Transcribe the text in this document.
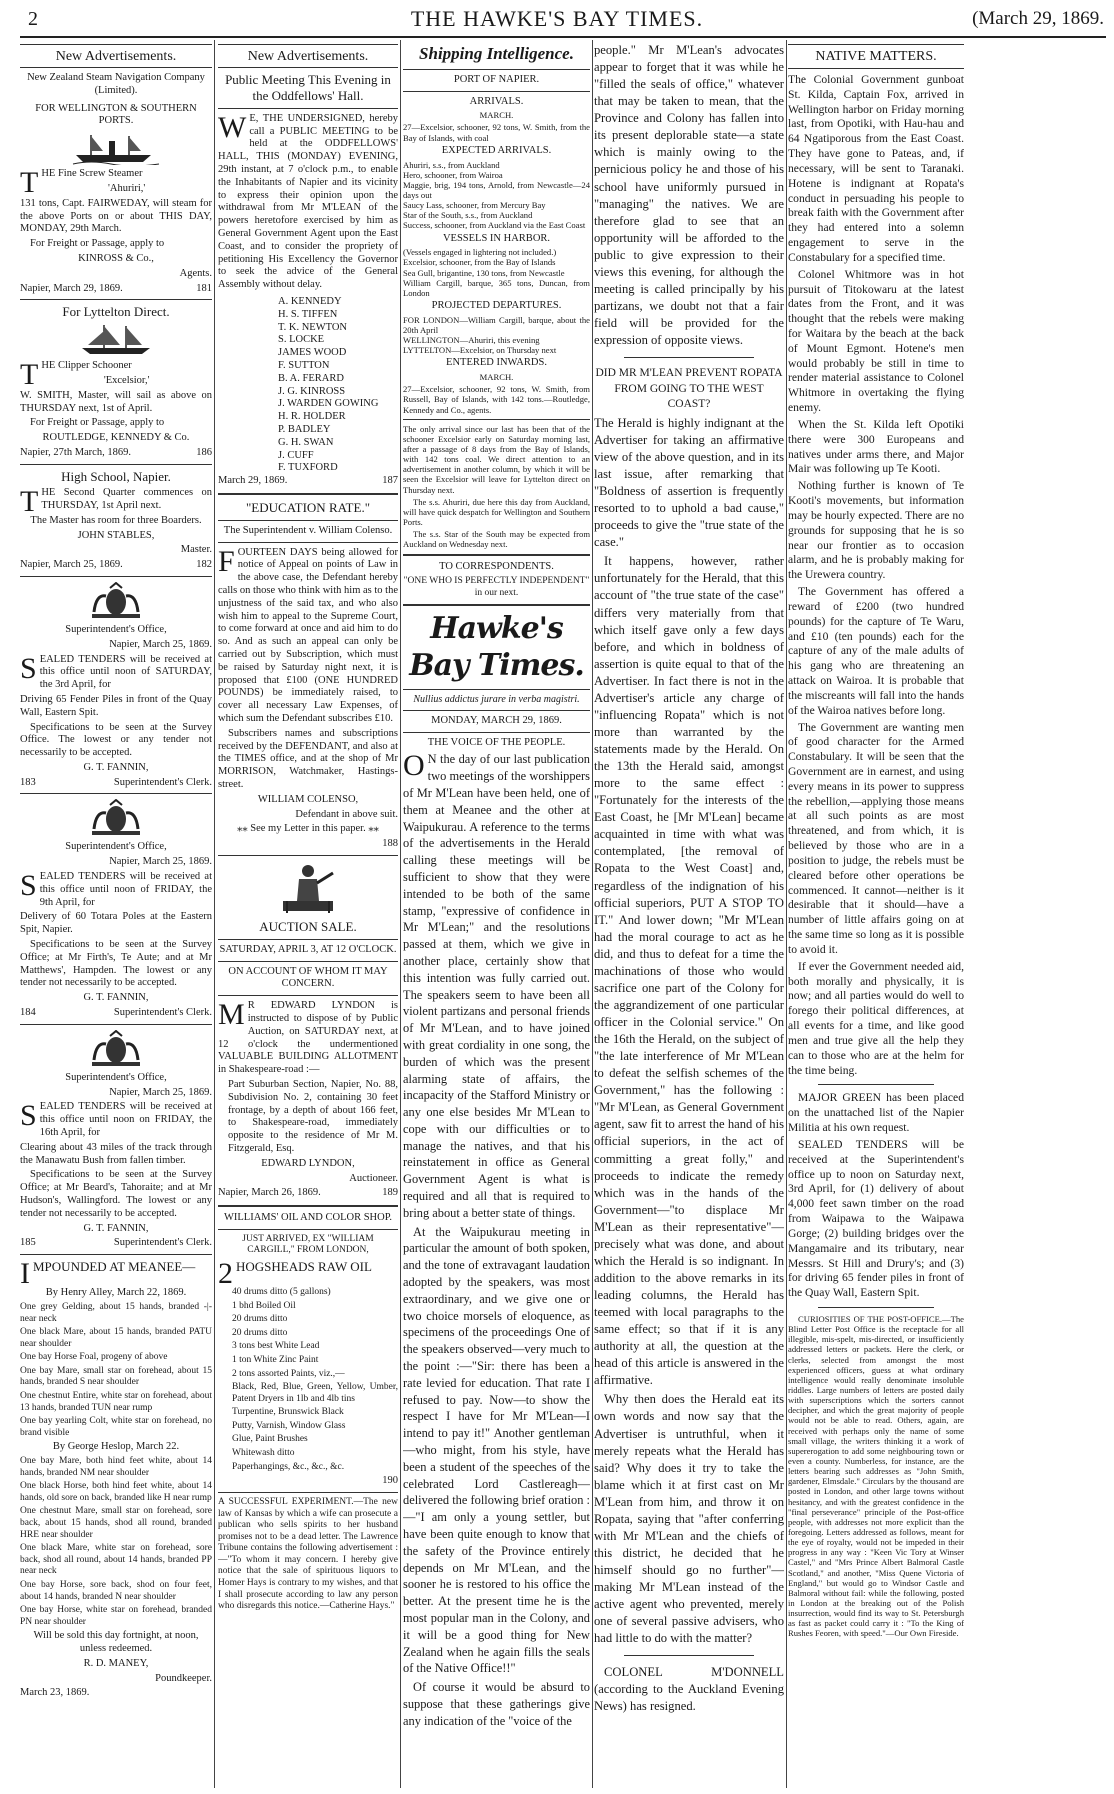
2	THE HAWKE'S BAY TIMES.	(March 29, 1869.
New Advertisements.

New Zealand Steam Navigation Company (Limited).

FOR WELLINGTON & SOUTHERN PORTS.

THE Fine Screw Steamer

'Ahuriri,'

131 tons, Capt. FAIRWEDAY, will steam for the above Ports on or about THIS DAY, MONDAY, 29th March.

For Freight or Passage, apply to

KINROSS & Co.,

Agents.

Napier, March 29, 1869.	181

For Lyttelton Direct.

THE Clipper Schooner

'Excelsior,'

W. SMITH, Master, will sail as above on THURSDAY next, 1st of April.

For Freight or Passage, apply to

ROUTLEDGE, KENNEDY & Co.

Napier, 27th March, 1869.	186

High School, Napier.

THE Second Quarter commences on THURSDAY, 1st April next.

The Master has room for three Boarders.

JOHN STABLES,

Master.

Napier, March 25, 1869.	182

Superintendent's Office,

Napier, March 25, 1869.

SEALED TENDERS will be received at this office until noon of SATURDAY, the 3rd April, for

Driving 65 Fender Piles in front of the Quay Wall, Eastern Spit.

Specifications to be seen at the Survey Office. The lowest or any tender not necessarily to be accepted.

G. T. FANNIN,

183	Superintendent's Clerk.

Superintendent's Office,

Napier, March 25, 1869.

SEALED TENDERS will be received at this office until noon of FRIDAY, the 9th April, for

Delivery of 60 Totara Poles at the Eastern Spit, Napier.

Specifications to be seen at the Survey Office; at Mr Firth's, Te Aute; and at Mr Matthews', Hampden. The lowest or any tender not necessarily to be accepted.

G. T. FANNIN,

184	Superintendent's Clerk.

Superintendent's Office,

Napier, March 25, 1869.

SEALED TENDERS will be received at this office until noon on FRIDAY, the 16th April, for

Clearing about 43 miles of the track through the Manawatu Bush from fallen timber.

Specifications to be seen at the Survey Office; at Mr Beard's, Tahoraite; and at Mr Hudson's, Wallingford. The lowest or any tender not necessarily to be accepted.

G. T. FANNIN,

185	Superintendent's Clerk.

IMPOUNDED AT MEANEE—

By Henry Alley, March 22, 1869.

One grey Gelding, about 15 hands, branded -|- near neck

One black Mare, about 15 hands, branded PATU near shoulder

One bay Horse Foal, progeny of above

One bay Mare, small star on forehead, about 15 hands, branded S near shoulder

One chestnut Entire, white star on forehead, about 13 hands, branded TUN near rump

One bay yearling Colt, white star on forehead, no brand visible

By George Heslop, March 22.

One bay Mare, both hind feet white, about 14 hands, branded NM near shoulder

One black Horse, both hind feet white, about 14 hands, old sore on back, branded like H near rump

One chestnut Mare, small star on forehead, sore back, about 15 hands, shod all round, branded HRE near shoulder

One black Mare, white star on forehead, sore back, shod all round, about 14 hands, branded PP near neck

One bay Horse, sore back, shod on four feet, about 14 hands, branded N near shoulder

One bay Horse, white star on forehead, branded PN near shoulder

Will be sold this day fortnight, at noon, unless redeemed.

R. D. MANEY,

Poundkeeper.

March 23, 1869.

New Advertisements.

Public Meeting This Evening in the Oddfellows' Hall.

W E, THE UNDERSIGNED, hereby call a PUBLIC MEETING to be held at the ODDFELLOWS' HALL, THIS (MONDAY) EVENING, 29th instant, at 7 o'clock p.m., to enable the Inhabitants of Napier and its vicinity to express their opinion upon the withdrawal from Mr M'LEAN of the powers heretofore exercised by him as General Government Agent upon the East Coast, and to consider the propriety of petitioning His Excellency the Governor to seek the advice of the General Assembly without delay.

A. KENNEDY

H. S. TIFFEN

T. K. NEWTON

S. LOCKE

JAMES WOOD

F. SUTTON

B. A. FERARD

J. G. KINROSS

J. WARDEN GOWING

H. R. HOLDER

P. BADLEY

G. H. SWAN

J. CUFF

F. TUXFORD

March 29, 1869.	187

"EDUCATION RATE."

The Superintendent v. William Colenso.

FOURTEEN DAYS being allowed for notice of Appeal on points of Law in the above case, the Defendant hereby calls on those who think with him as to the unjustness of the said tax, and who also wish him to appeal to the Supreme Court, to come forward at once and aid him to do so. And as such an appeal can only be carried out by Subscription, which must be raised by Saturday night next, it is proposed that £100 (ONE HUNDRED POUNDS) be immediately raised, to cover all necessary Law Expenses, of which sum the Defendant subscribes £10.

Subscribers names and subscriptions received by the DEFENDANT, and also at the TIMES office, and at the shop of Mr MORRISON, Watchmaker, Hastings-street.

WILLIAM COLENSO,

Defendant in above suit.

⁎⁎ See my Letter in this paper. ⁎⁎

188

AUCTION SALE.

SATURDAY, APRIL 3, AT 12 O'CLOCK.

ON ACCOUNT OF WHOM IT MAY CONCERN.

M R EDWARD LYNDON is instructed to dispose of by Public Auction, on SATURDAY next, at 12 o'clock the undermentioned VALUABLE BUILDING ALLOTMENT in Shakespeare-road :—

Part Suburban Section, Napier, No. 88, Subdivision No. 2, containing 30 feet frontage, by a depth of about 166 feet, to Shakespeare-road, immediately opposite to the residence of Mr M. Fitzgerald, Esq.

EDWARD LYNDON,

Auctioneer.

Napier, March 26, 1869.	189

WILLIAMS' OIL AND COLOR SHOP.

JUST ARRIVED, EX "WILLIAM CARGILL," FROM LONDON,

2 HOGSHEADS RAW OIL

40 drums ditto (5 gallons)

1 bhd Boiled Oil

20 drums ditto

20 drums ditto

3 tons best White Lead

1 ton White Zinc Paint

2 tons assorted Paints, viz.,—

Black, Red, Blue, Green, Yellow, Umber, Patent Dryers in 1lb and 4lb tins

Turpentine, Brunswick Black

Putty, Varnish, Window Glass

Glue, Paint Brushes

Whitewash ditto

Paperhangings, &c., &c., &c.

190

A SUCCESSFUL EXPERIMENT.—The new law of Kansas by which a wife can prosecute a publican who sells spirits to her husband promises not to be a dead letter. The Lawrence Tribune contains the following advertisement :—"To whom it may concern. I hereby give notice that the sale of spirituous liquors to Homer Hays is contrary to my wishes, and that I shall prosecute according to law any person who disregards this notice.—Catherine Hays."

Shipping Intelligence.

PORT OF NAPIER.

ARRIVALS.

MARCH.

27—Excelsior, schooner, 92 tons, W. Smith, from the Bay of Islands, with coal

EXPECTED ARRIVALS.

Ahuriri, s.s., from Auckland
Hero, schooner, from Wairoa
Maggie, brig, 194 tons, Arnold, from Newcastle—24 days out
Saucy Lass, schooner, from Mercury Bay
Star of the South, s.s., from Auckland
Success, schooner, from Auckland via the East Coast

VESSELS IN HARBOR.

(Vessels engaged in lightering not included.)
Excelsior, schooner, from the Bay of Islands
Sea Gull, brigantine, 130 tons, from Newcastle
William Cargill, barque, 365 tons, Duncan, from London

PROJECTED DEPARTURES.

FOR LONDON—William Cargill, barque, about the 20th April
WELLINGTON—Ahuriri, this evening
LYTTELTON—Excelsior, on Thursday next

ENTERED INWARDS.

MARCH.

27—Excelsior, schooner, 92 tons, W. Smith, from Russell, Bay of Islands, with 142 tons.—Routledge, Kennedy and Co., agents.

The only arrival since our last has been that of the schooner Excelsior early on Saturday morning last, after a passage of 8 days from the Bay of Islands, with 142 tons coal. We direct attention to an advertisement in another column, by which it will be seen the Excelsior will leave for Lyttelton direct on Thursday next.

The s.s. Ahuriri, due here this day from Auckland, will have quick despatch for Wellington and Southern Ports.

The s.s. Star of the South may be expected from Auckland on Wednesday next.

TO CORRESPONDENTS.

"ONE WHO IS PERFECTLY INDEPENDENT" in our next.

Hawke's Bay Times.

Nullius addictus jurare in verba magistri.

MONDAY, MARCH 29, 1869.

THE VOICE OF THE PEOPLE.

O N the day of our last publication two meetings of the worshippers of Mr M'Lean have been held, one of them at Meanee and the other at Waipukurau. A reference to the terms of the advertisements in the Herald calling these meetings will be sufficient to show that they were intended to be both of the same stamp, "expressive of confidence in Mr M'Lean;" and the resolutions passed at them, which we give in another place, certainly show that this intention was fully carried out. The speakers seem to have been all violent partizans and personal friends of Mr M'Lean, and to have joined with great cordiality in one song, the burden of which was the present alarming state of affairs, the incapacity of the Stafford Ministry or any one else besides Mr M'Lean to cope with our difficulties or to manage the natives, and that his reinstatement in office as General Government Agent is what is required and all that is required to bring about a better state of things.

At the Waipukurau meeting in particular the amount of both spoken, and the tone of extravagant laudation adopted by the speakers, was most extraordinary, and we give one or two choice morsels of eloquence, as specimens of the proceedings One of the speakers observed—very much to the point :—"Sir: there has been a rate levied for education. That rate I refused to pay. Now—to show the respect I have for Mr M'Lean—I intend to pay it!" Another gentleman—who might, from his style, have been a student of the speeches of the celebrated Lord Castlereagh—delivered the following brief oration :—"I am only a young settler, but have been quite enough to know that the safety of the Province entirely depends on Mr M'Lean, and the sooner he is restored to his office the better. At the present time he is the most popular man in the Colony, and it will be a good thing for New Zealand when he again fills the seals of the Native Office!!"

Of course it would be absurd to suppose that these gatherings give any indication of the "voice of the

people." Mr M'Lean's advocates appear to forget that it was while he "filled the seals of office," whatever that may be taken to mean, that the Province and Colony has fallen into its present deplorable state—a state which is mainly owing to the pernicious policy he and those of his school have uniformly pursued in "managing" the natives. We are therefore glad to see that an opportunity will be afforded to the public to give expression to their views this evening, for although the meeting is called principally by his partizans, we doubt not that a fair field will be provided for the expression of opposite views.

DID MR M'LEAN PREVENT ROPATA FROM GOING TO THE WEST COAST?

The Herald is highly indignant at the Advertiser for taking an affirmative view of the above question, and in its last issue, after remarking that "Boldness of assertion is frequently resorted to to uphold a bad cause," proceeds to give the "true state of the case."

It happens, however, rather unfortunately for the Herald, that this account of "the true state of the case" differs very materially from that which itself gave only a few days before, and which in boldness of assertion is quite equal to that of the Advertiser. In fact there is not in the Advertiser's article any charge of "influencing Ropata" which is not more than warranted by the statements made by the Herald. On the 13th the Herald said, amongst more to the same effect : "Fortunately for the interests of the East Coast, he [Mr M'Lean] became acquainted in time with what was contemplated, [the removal of Ropata to the West Coast] and, regardless of the indignation of his official superiors, PUT A STOP TO IT." And lower down; "Mr M'Lean had the moral courage to act as he did, and thus to defeat for a time the machinations of those who would sacrifice one part of the Colony for the aggrandizement of one particular officer in the Colonial service." On the 16th the Herald, on the subject of "the late interference of Mr M'Lean to defeat the selfish schemes of the Government," has the following : "Mr M'Lean, as General Government agent, saw fit to arrest the hand of his official superiors, in the act of committing a great folly," and proceeds to indicate the remedy which was in the hands of the Government—"to displace Mr M'Lean as their representative"—precisely what was done, and about which the Herald is so indignant. In addition to the above remarks in its leading columns, the Herald has teemed with local paragraphs to the same effect; so that if it is any authority at all, the question at the head of this article is answered in the affirmative.

Why then does the Herald eat its own words and now say that the Advertiser is untruthful, when it merely repeats what the Herald has said? Why does it try to take the blame which it at first cast on Mr M'Lean from him, and throw it on Ropata, saying that "after conferring with Mr M'Lean and the chiefs of this district, he decided that he himself should go no further"—making Mr M'Lean instead of the active agent who prevented, merely one of several passive advisers, who had little to do with the matter?

COLONEL M'DONNELL (according to the Auckland Evening News) has resigned.

NATIVE MATTERS.

The Colonial Government gunboat St. Kilda, Captain Fox, arrived in Wellington harbor on Friday morning last, from Opotiki, with Hau-hau and 64 Ngatiporous from the East Coast. They have gone to Pateas, and, if necessary, will be sent to Taranaki. Hotene is indignant at Ropata's conduct in persuading his people to break faith with the Government after they had entered into a solemn engagement to serve in the Constabulary for a specified time.

Colonel Whitmore was in hot pursuit of Titokowaru at the latest dates from the Front, and it was thought that the rebels were making for Waitara by the beach at the back of Mount Egmont. Hotene's men would probably be still in time to render material assistance to Colonel Whitmore in overtaking the flying enemy.

When the St. Kilda left Opotiki there were 300 Europeans and natives under arms there, and Major Mair was following up Te Kooti.

Nothing further is known of Te Kooti's movements, but information may be hourly expected. There are no grounds for supposing that he is so near our frontier as to occasion alarm, and he is probably making for the Urewera country.

The Government has offered a reward of £200 (two hundred pounds) for the capture of Te Waru, and £10 (ten pounds) each for the capture of any of the male adults of his gang who are threatening an attack on Wairoa. It is probable that the miscreants will fall into the hands of the Wairoa natives before long.

The Government are wanting men of good character for the Armed Constabulary. It will be seen that the Government are in earnest, and using every means in its power to suppress the rebellion,—applying those means at all such points as are most threatened, and from which, it is believed by those who are in a position to judge, the rebels must be cleared before other operations be commenced. It cannot—neither is it desirable that it should—have a number of little affairs going on at the same time so long as it is possible to avoid it.

If ever the Government needed aid, both morally and physically, it is now; and all parties would do well to forego their political differences, at all events for a time, and like good men and true give all the help they can to those who are at the helm for the time being.

MAJOR GREEN has been placed on the unattached list of the Napier Militia at his own request.

SEALED TENDERS will be received at the Superintendent's office up to noon on Saturday next, 3rd April, for (1) delivery of about 4,000 feet sawn timber on the road from Waipawa to the Waipawa Gorge; (2) building bridges over the Mangamaire and its tributary, near Messrs. St Hill and Drury's; and (3) for driving 65 fender piles in front of the Quay Wall, Eastern Spit.

CURIOSITIES OF THE POST-OFFICE.—The Blind Letter Post Office is the receptacle for all illegible, mis-spelt, mis-directed, or insufficiently addressed letters or packets. Here the clerk, or clerks, selected from amongst the most experienced officers, guess at what ordinary intelligence would really denominate insoluble riddles. Large numbers of letters are posted daily with superscriptions which the sorters cannot decipher, and which the great majority of people would not be able to read. Others, again, are received with perhaps only the name of some small village, the writers thinking it a work of supererogation to add some neighbouring town or even a county. Numberless, for instance, are the letters bearing such addresses as "John Smith, gardener, Elmsdale." Circulars by the thousand are posted in London, and other large towns without hesitancy, and with the greatest confidence in the "final perseverance" principle of the Post-office people, with addresses not more explicit than the foregoing. Letters addressed as follows, meant for the eye of royalty, would not be impeded in their progress in any way : "Keen Vic Tory at Winser Castel," and "Mrs Prince Albert Balmoral Castle Scotland," and another, "Miss Quene Victoria of England," but would go to Windsor Castle and Balmoral without fail: while the following, posted in London at the breaking out of the Polish insurrection, would find its way to St. Petersburgh as fast as packet could carry it : "To the King of Rushes Feoren, with speed."—Our Own Fireside.
